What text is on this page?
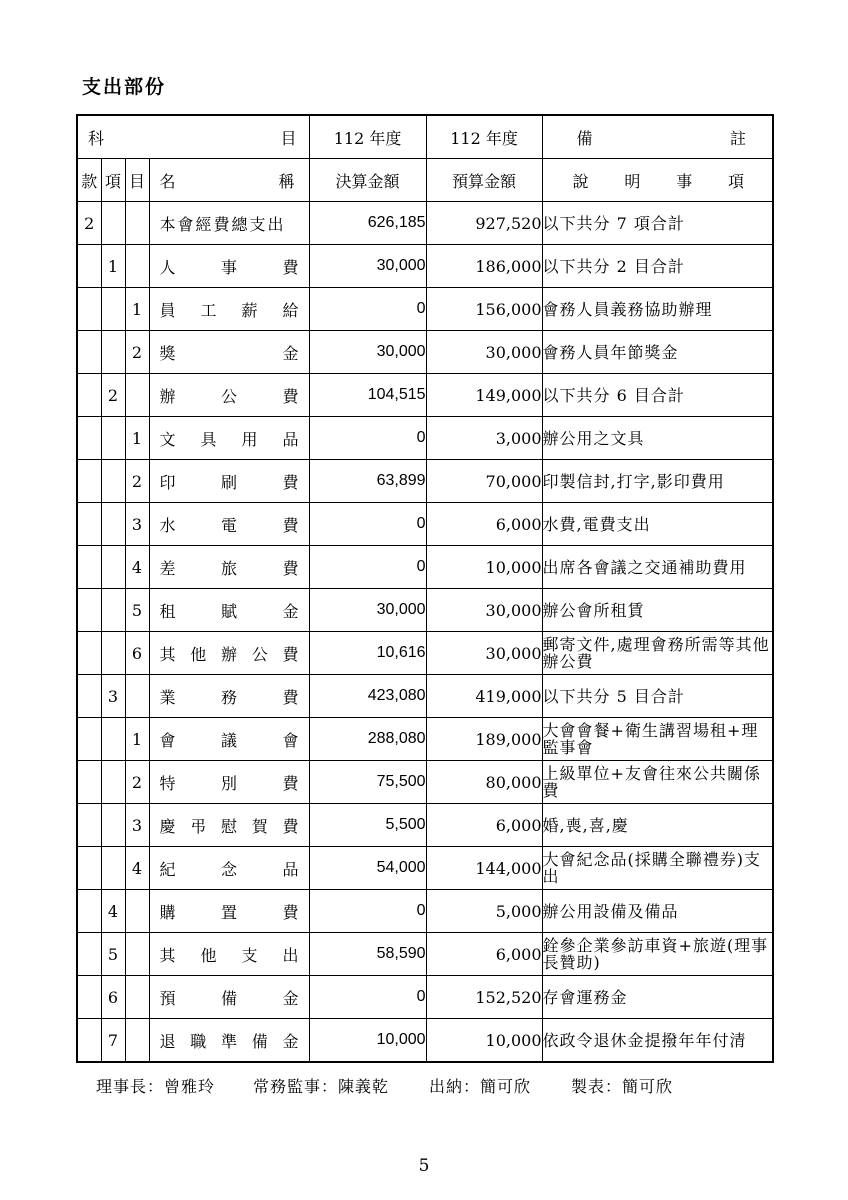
支出部份
科 目				112 年度	112 年度	備 註

款	項	目	名 稱	決算金額	預算金額	說 明 事 項

2			本會經費總支出	626,185	927,520	以下共分 7 項合計
	1		人 事 費	30,000	186,000	以下共分 2 目合計
		1	員 工 薪 給	0	156,000	會務人員義務協助辦理
		2	獎 金	30,000	30,000	會務人員年節獎金
	2		辦 公 費	104,515	149,000	以下共分 6 目合計
		1	文 具 用 品	0	3,000	辦公用之文具
		2	印 刷 費	63,899	70,000	印製信封,打字,影印費用
		3	水 電 費	0	6,000	水費,電費支出
		4	差 旅 費	0	10,000	出席各會議之交通補助費用
		5	租 賦 金	30,000	30,000	辦公會所租賃
		6	其 他 辦 公 費	10,616	30,000	郵寄文件,處理會務所需等其他辦公費
	3		業 務 費	423,080	419,000	以下共分 5 目合計
		1	會 議 會	288,080	189,000	大會會餐+衛生講習場租+理監事會
		2	特 別 費	75,500	80,000	上級單位+友會往來公共關係費
		3	慶 弔 慰 賀 費	5,500	6,000	婚,喪,喜,慶
		4	紀 念 品	54,000	144,000	大會紀念品(採購全聯禮券)支出
	4		購 置 費	0	5,000	辦公用設備及備品
	5		其 他 支 出	58,590	6,000	銓參企業參訪車資+旅遊(理事長贊助)
	6		預 備 金	0	152,520	存會運務金
	7		退 職 準 備 金	10,000	10,000	依政令退休金提撥年年付清
理事長：曾雅玲 常務監事：陳義乾	出納：簡可欣	製表：簡可欣
5
